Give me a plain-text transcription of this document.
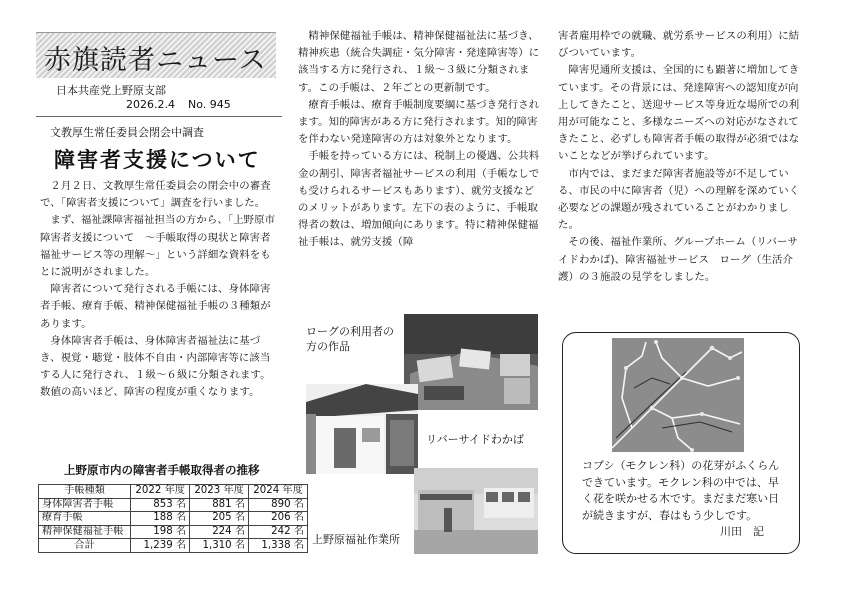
赤旗読者ニュース
日本共産党上野原支部
2026.2.4 No. 945
文教厚生常任委員会閉会中調査
障害者支援について

２月２日、文教厚生常任委員会の閉会中の審査で、「障害者支援について」調査を行いました。

まず、福祉課障害福祉担当の方から、「上野原市障害者支援について　～手帳取得の現状と障害者福祉サービス等の理解～」という詳細な資料をもとに説明がされました。

障害者について発行される手帳には、身体障害者手帳、療育手帳、精神保健福祉手帳の３種類があります。

身体障害者手帳は、身体障害者福祉法に基づき、視覚・聴覚・肢体不自由・内部障害等に該当する人に発行され、１級～６級に分類されます。数値の高いほど、障害の程度が重くなります。

上野原市内の障害者手帳取得者の推移
手帳種類	2022 年度	2023 年度	2024 年度
身体障害者手帳	853 名	881 名	890 名
療育手帳	188 名	205 名	206 名
精神保健福祉手帳	198 名	224 名	242 名
合計	1,239 名	1,310 名	1,338 名

精神保健福祉手帳は、精神保健福祉法に基づき、精神疾患（統合失調症・気分障害・発達障害等）に該当する方に発行され、１級～３級に分類されます。この手帳は、２年ごとの更新制です。

療育手帳は、療育手帳制度要綱に基づき発行されます。知的障害がある方に発行されます。知的障害を伴わない発達障害の方は対象外となります。

手帳を持っている方には、税制上の優遇、公共料金の割引、障害者福祉サービスの利用（手帳なしでも受けられるサービスもあります）、就労支援などのメリットがあります。左下の表のように、手帳取得者の数は、増加傾向にあります。特に精神保健福祉手帳は、就労支援（障

ローグの利用者の方の作品
リバーサイドわかば
上野原福祉作業所

害者雇用枠での就職、就労系サービスの利用）に結びついています。

障害児通所支援は、全国的にも顕著に増加してきています。その背景には、発達障害への認知度が向上してきたこと、送迎サービス等身近な場所での利用が可能なこと、多様なニーズへの対応がなされてきたこと、必ずしも障害者手帳の取得が必須ではないことなどが挙げられています。

市内では、まだまだ障害者施設等が不足している、市民の中に障害者（児）への理解を深めていく必要などの課題が残されていることがわかりました。

その後、福祉作業所、グループホーム（リバーサイドわかば)、障害福祉サービス　ローグ（生活介護）の３施設の見学をしました。

コブシ（モクレン科）の花芽がふくらんできています。モクレン科の中では、早く花を咲かせる木です。まだまだ寒い日が続きますが、春はもう少しです。
川田　記
